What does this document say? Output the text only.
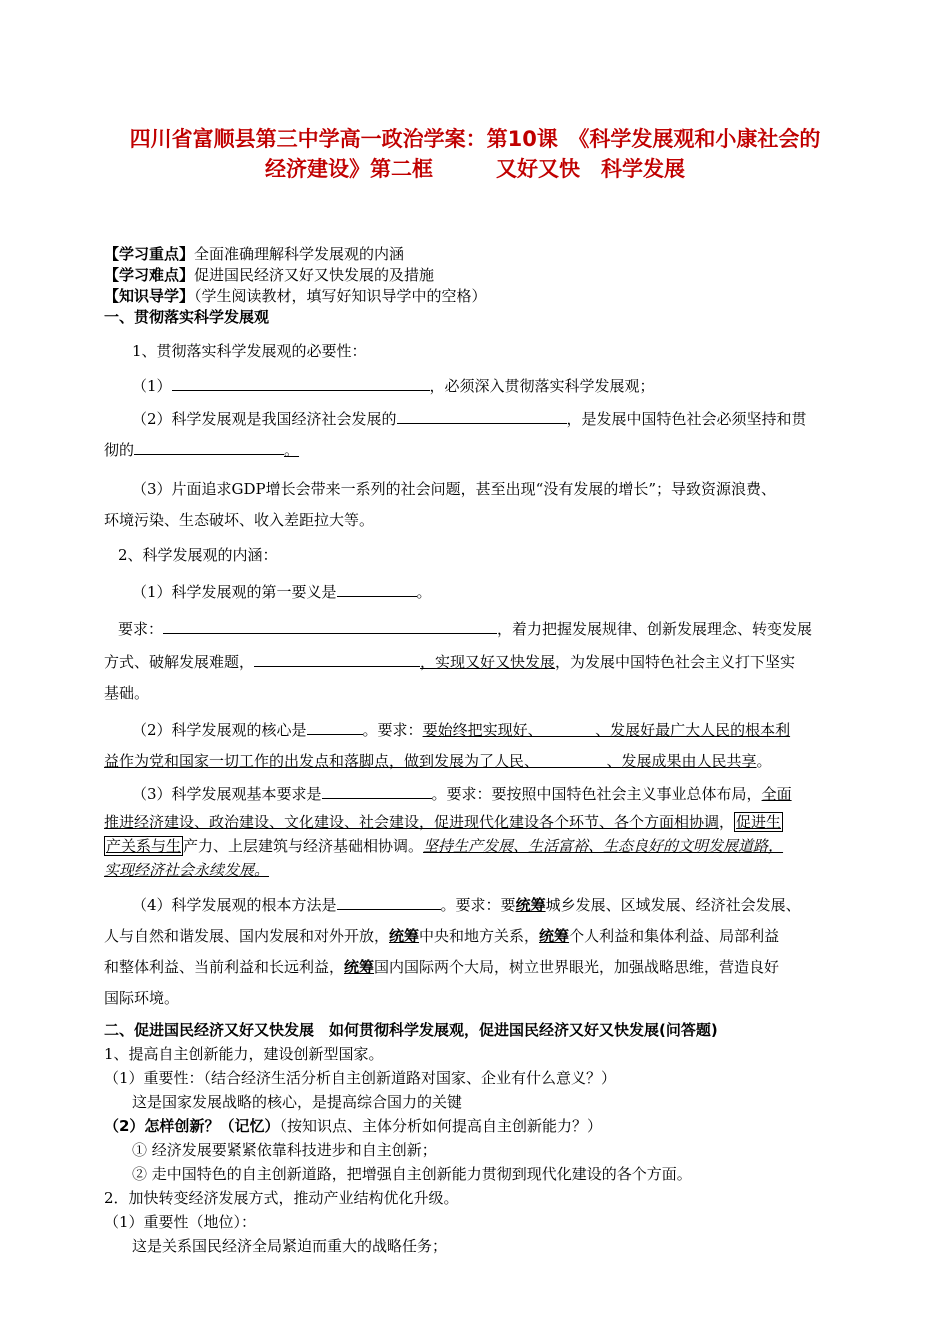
四川省富顺县第三中学高一政治学案：第10课　《科学发展观和小康社会的
经济建设》第二框　　　又好又快　科学发展
【学习重点】全面准确理解科学发展观的内涵
【学习难点】促进国民经济又好又快发展的及措施
【知识导学】（学生阅读教材，填写好知识导学中的空格）
一、贯彻落实科学发展观
1、贯彻落实科学发展观的必要性：
（1）	，必须深入贯彻落实科学发展观；
（2）科学发展观是我国经济社会发展的	，是发展中国特色社会必须坚持和贯
彻的	。
（3）片面追求GDP增长会带来一系列的社会问题，甚至出现“没有发展的增长”；导致资源浪费、
环境污染、生态破坏、收入差距拉大等。
2、科学发展观的内涵：
（1）科学发展观的第一要义是	。
要求：	，着力把握发展规律、创新发展理念、转变发展
方式、破解发展难题，	，实现又好又快发展，为发展中国特色社会主义打下坚实
基础。
（2）科学发展观的核心是	。要求：要始终把实现好、　　　　、发展好最广大人民的根本利
益作为党和国家一切工作的出发点和落脚点，做到发展为了人民、　　　　　、发展成果由人民共享。
（3）科学发展观基本要求是	。要求：要按照中国特色社会主义事业总体布局，全面
推进经济建设、政治建设、文化建设、社会建设，促进现代化建设各个环节、各个方面相协调， 促进生
产关系与生 产力、上层建筑与经济基础相协调。坚持生产发展、生活富裕、生态良好的文明发展道路，
实现经济社会永续发展。
（4）科学发展观的根本方法是	。要求：要统筹城乡发展、区域发展、经济社会发展、
人与自然和谐发展、国内发展和对外开放，统筹中央和地方关系，统筹个人利益和集体利益、局部利益
和整体利益、当前利益和长远利益，统筹国内国际两个大局，树立世界眼光，加强战略思维，营造良好
国际环境。
二、促进国民经济又好又快发展　如何贯彻科学发展观，促进国民经济又好又快发展(问答题)
1、提高自主创新能力，建设创新型国家。
（1）重要性：（结合经济生活分析自主创新道路对国家、企业有什么意义？）
这是国家发展战略的核心，是提高综合国力的关键
（2）怎样创新？（记忆）（按知识点、主体分析如何提高自主创新能力？）
① 经济发展要紧紧依靠科技进步和自主创新；
② 走中国特色的自主创新道路，把增强自主创新能力贯彻到现代化建设的各个方面。
2．加快转变经济发展方式，推动产业结构优化升级。
（1）重要性（地位）：
这是关系国民经济全局紧迫而重大的战略任务；
